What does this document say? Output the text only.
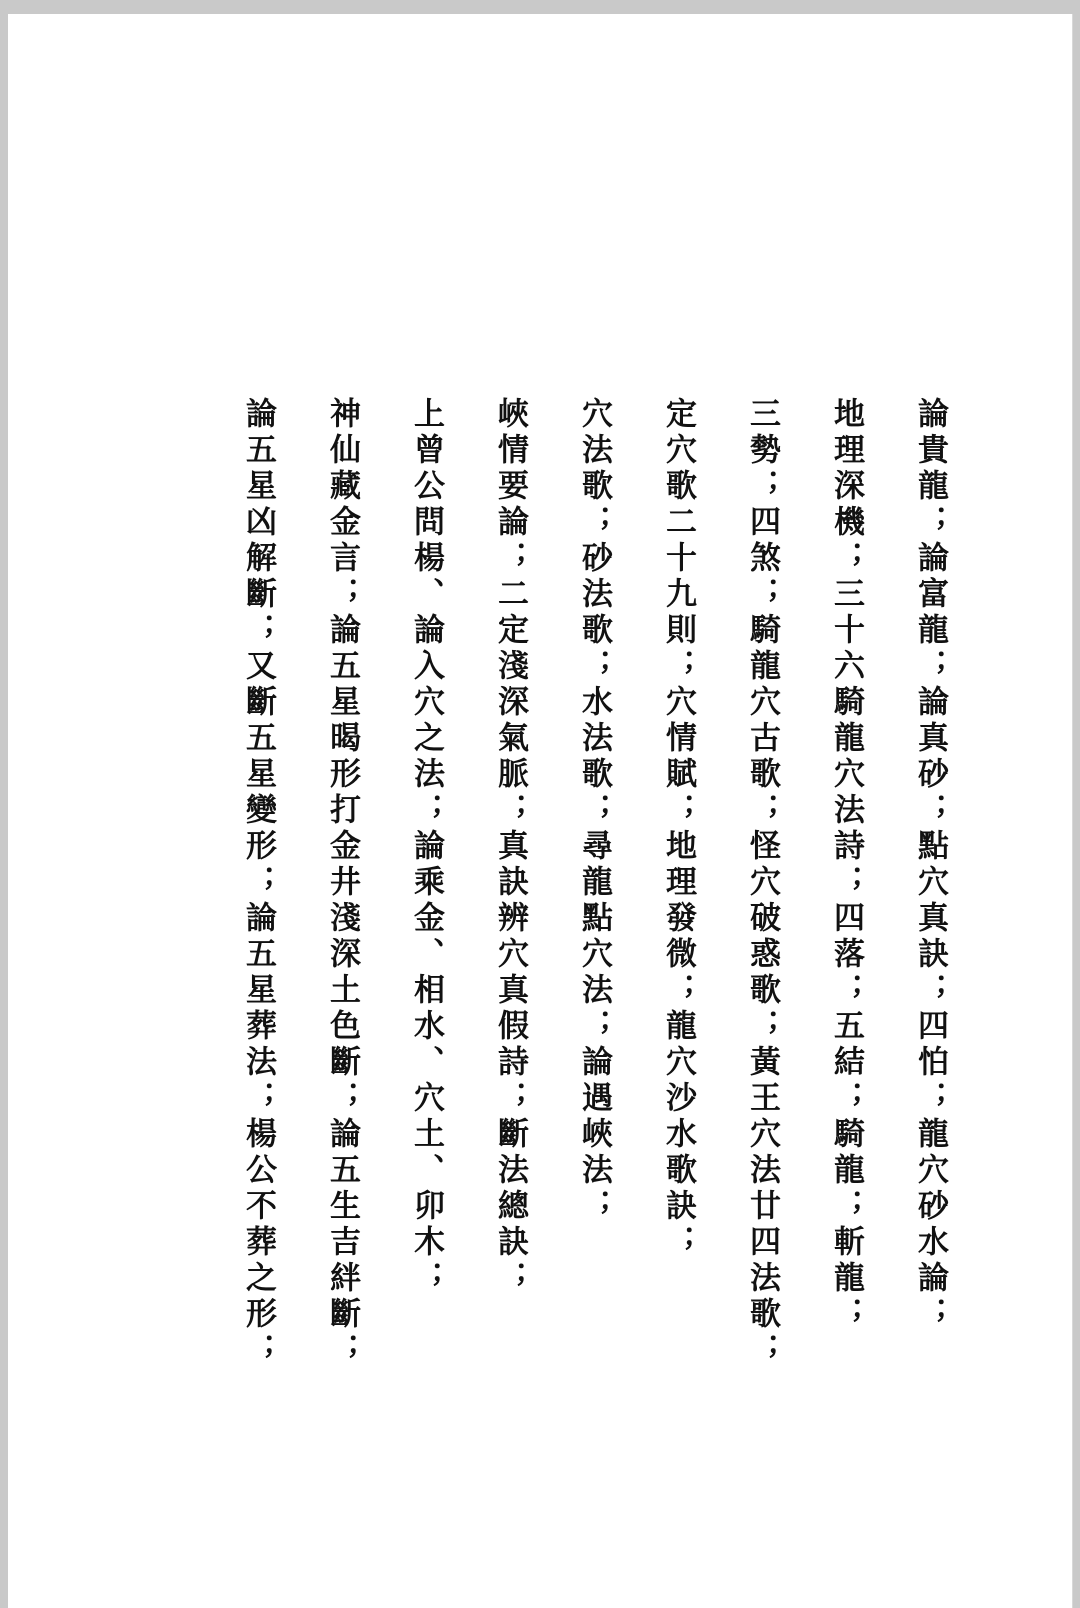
論貴龍；論富龍；論真砂；點穴真訣；四怕；龍穴砂水論；
地理深機；三十六騎龍穴法詩；四落；五結；騎龍；斬龍；
三勢；四煞；騎龍穴古歌；怪穴破惑歌；黃王穴法廿四法歌；
定穴歌二十九則；穴情賦；地理發微；龍穴沙水歌訣；
穴法歌；砂法歌；水法歌；尋龍點穴法；論遇峽法；
峽情要論；二定淺深氣脈；真訣辨穴真假詩；斷法總訣；
上曾公問楊、論入穴之法；論乘金、相水、穴土、卯木；
神仙藏金言；論五星暍形打金井淺深土色斷；論五生吉絆斷；
論五星凶解斷；又斷五星變形；論五星葬法；楊公不葬之形；
